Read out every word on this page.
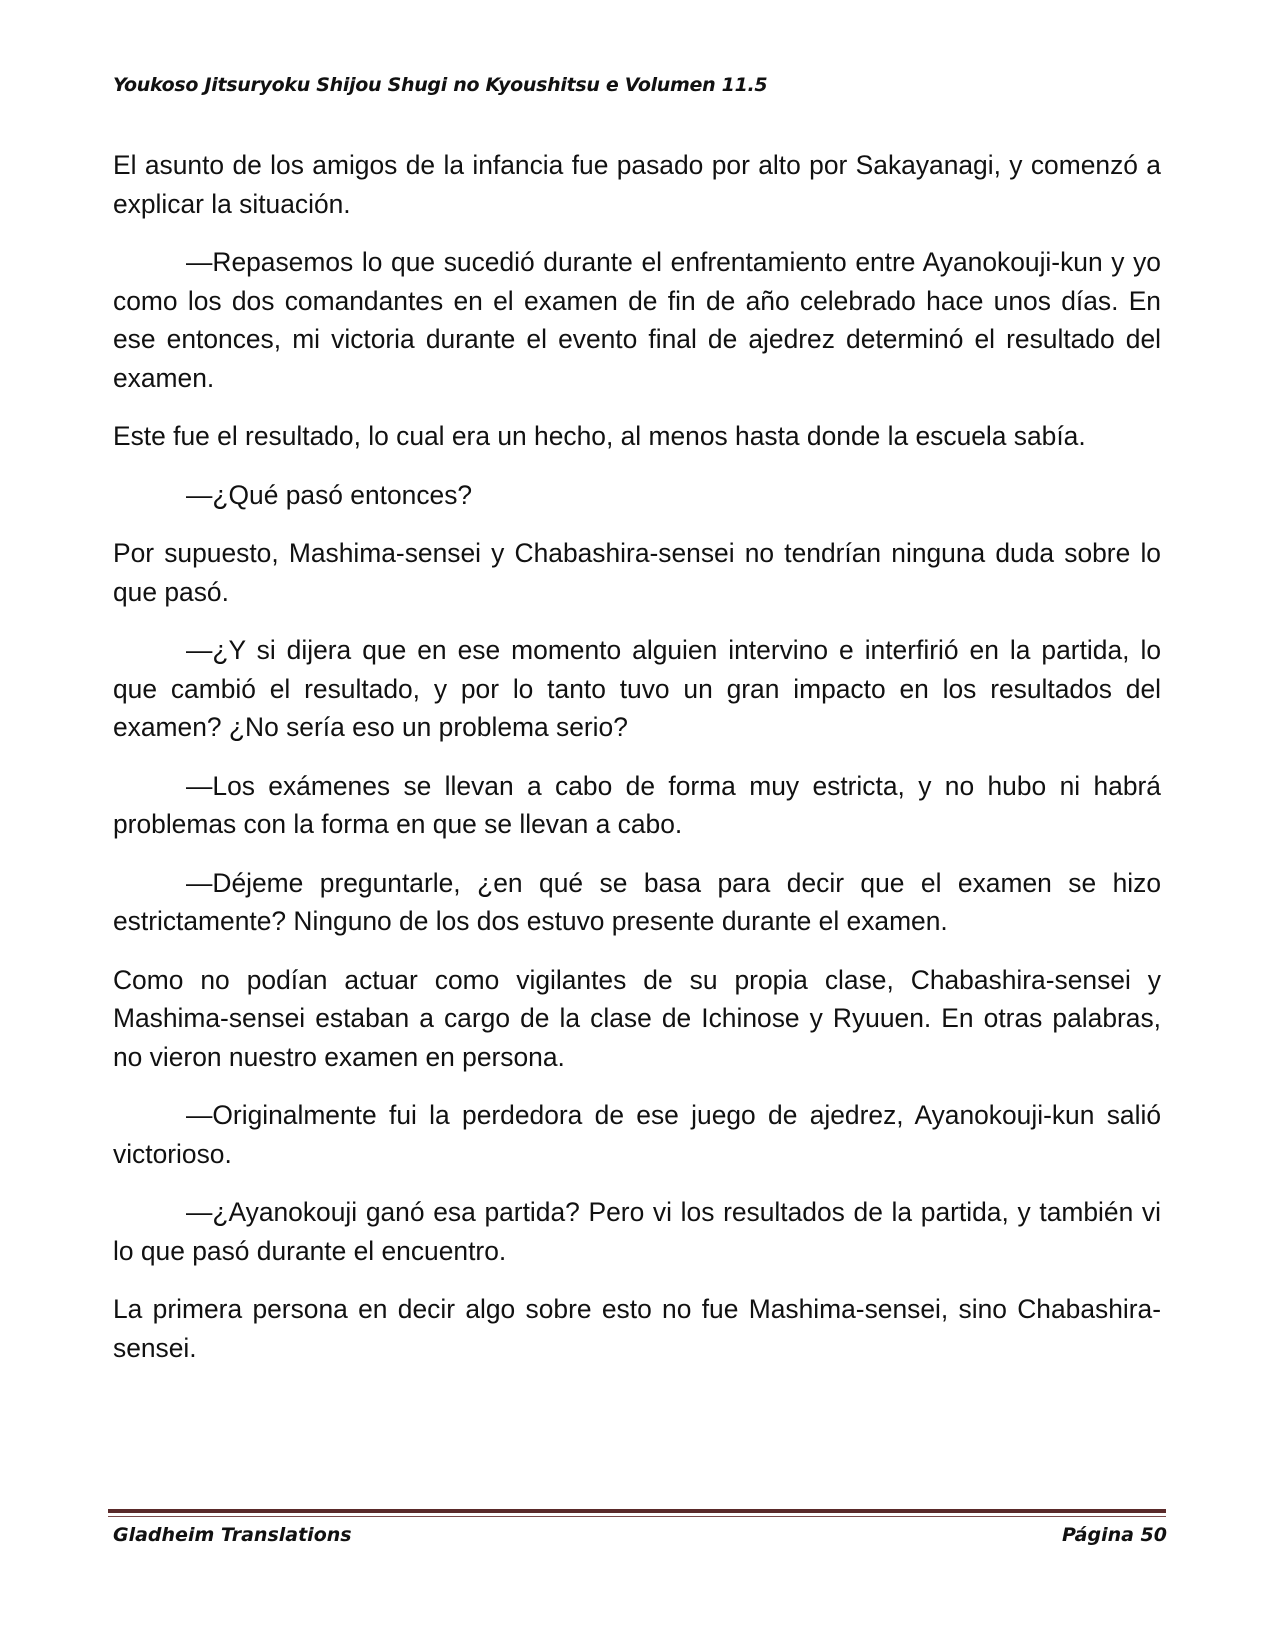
Youkoso Jitsuryoku Shijou Shugi no Kyoushitsu e Volumen 11.5

El asunto de los amigos de la infancia fue pasado por alto por Sakayanagi, y comenzó a explicar la situación.

—Repasemos lo que sucedió durante el enfrentamiento entre Ayanokouji-kun y yo como los dos comandantes en el examen de fin de año celebrado hace unos días. En ese entonces, mi victoria durante el evento final de ajedrez determinó el resultado del examen.

Este fue el resultado, lo cual era un hecho, al menos hasta donde la escuela sabía.

—¿Qué pasó entonces?

Por supuesto, Mashima-sensei y Chabashira-sensei no tendrían ninguna duda sobre lo que pasó.

—¿Y si dijera que en ese momento alguien intervino e interfirió en la partida, lo que cambió el resultado, y por lo tanto tuvo un gran impacto en los resultados del examen? ¿No sería eso un problema serio?

—Los exámenes se llevan a cabo de forma muy estricta, y no hubo ni habrá problemas con la forma en que se llevan a cabo.

—Déjeme preguntarle, ¿en qué se basa para decir que el examen se hizo estrictamente? Ninguno de los dos estuvo presente durante el examen.

Como no podían actuar como vigilantes de su propia clase, Chabashira-sensei y Mashima-sensei estaban a cargo de la clase de Ichinose y Ryuuen. En otras palabras, no vieron nuestro examen en persona.

—Originalmente fui la perdedora de ese juego de ajedrez, Ayanokouji-kun salió victorioso.

—¿Ayanokouji ganó esa partida? Pero vi los resultados de la partida, y también vi lo que pasó durante el encuentro.

La primera persona en decir algo sobre esto no fue Mashima-sensei, sino Chabashira-sensei.

Gladheim Translations	Página 50
